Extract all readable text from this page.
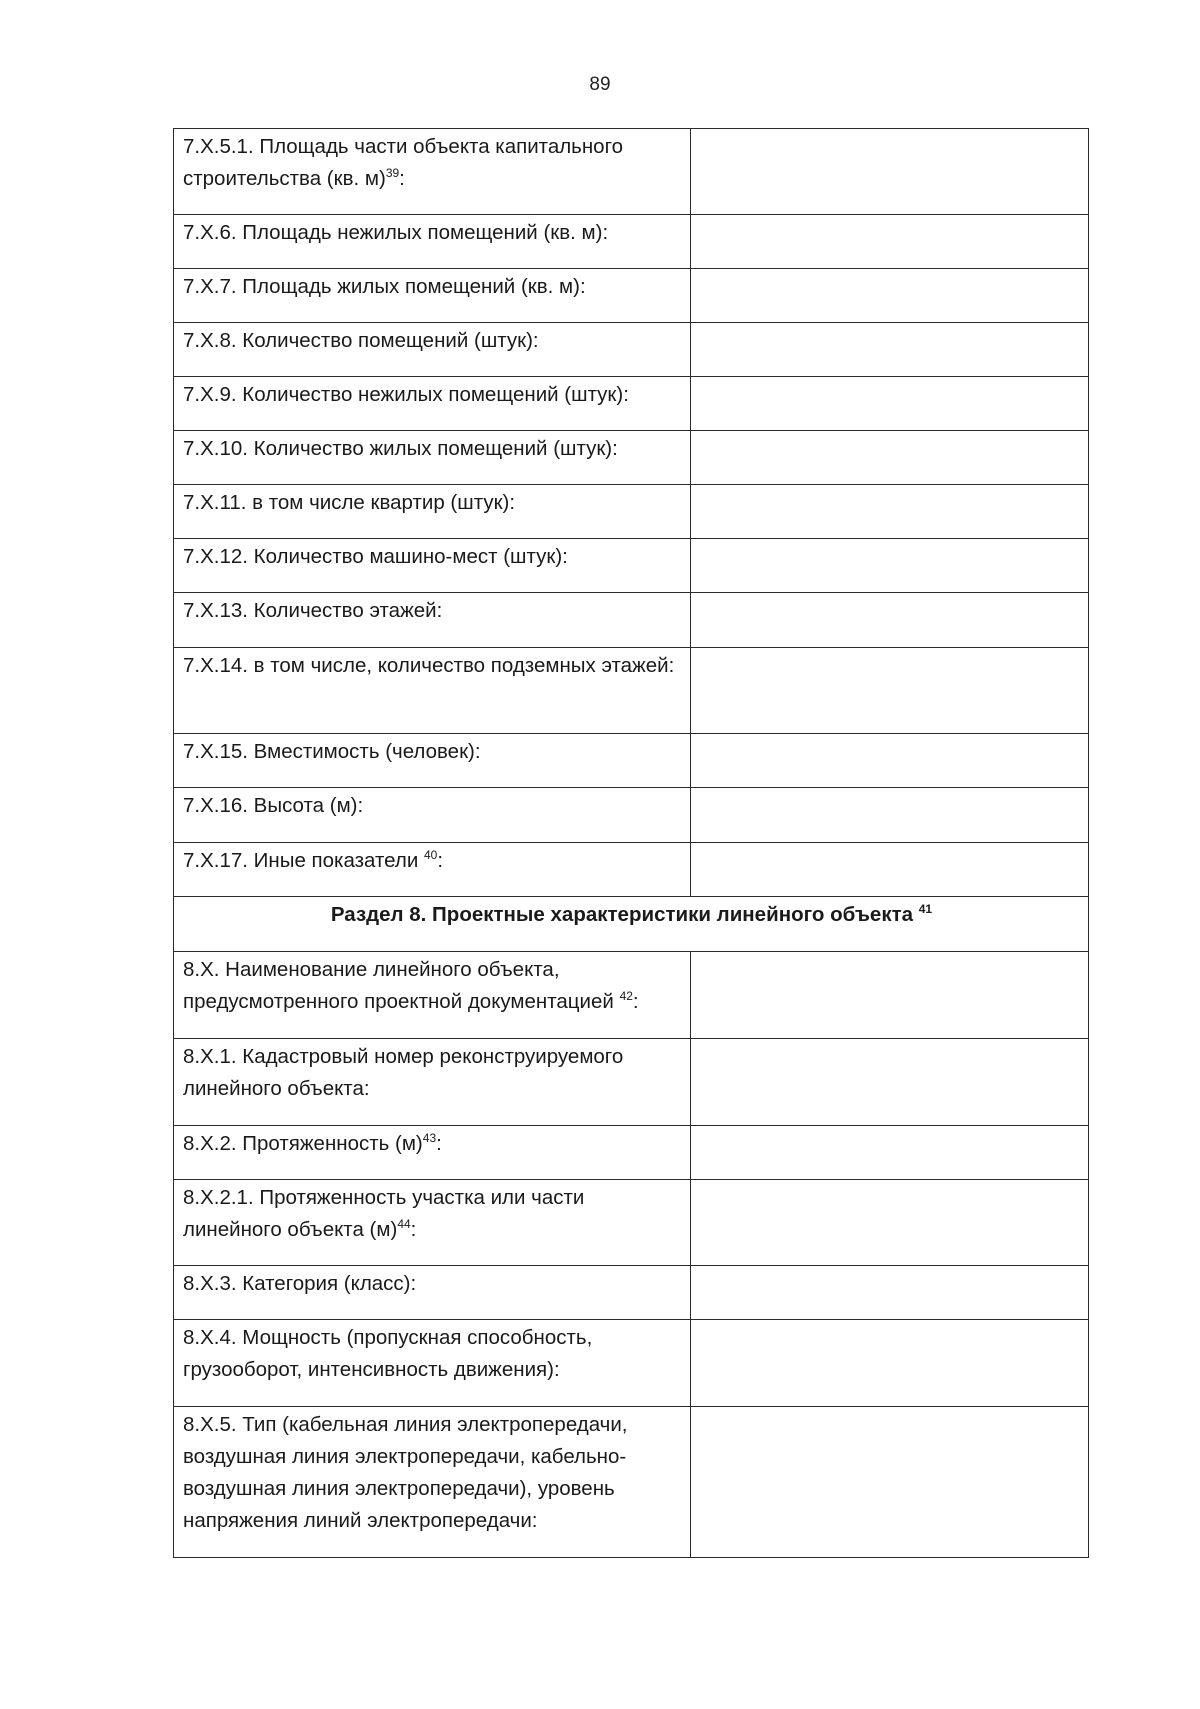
89
7.Х.5.1. Площадь части объекта капитального строительства (кв. м)$^{39}$:	
7.Х.6. Площадь нежилых помещений (кв. м):	
7.Х.7. Площадь жилых помещений (кв. м):	
7.Х.8. Количество помещений (штук):	
7.Х.9. Количество нежилых помещений (штук):	
7.Х.10. Количество жилых помещений (штук):	
7.Х.11. в том числе квартир (штук):	
7.Х.12. Количество машино-мест (штук):	
7.Х.13. Количество этажей:	
7.Х.14. в том числе, количество подземных этажей:	
7.Х.15. Вместимость (человек):	
7.Х.16. Высота (м):	
7.Х.17. Иные показатели $^{40}$:	
Раздел 8. Проектные характеристики линейного объекта $^{41}$
8.Х. Наименование линейного объекта, предусмотренного проектной документацией $^{42}$:	
8.Х.1. Кадастровый номер реконструируемого линейного объекта:	
8.Х.2. Протяженность $(м)^{43}$:	
8.Х.2.1. Протяженность участка или части линейного объекта $(м)^{44}$:	
8.Х.3. Категория (класс):	
8.Х.4. Мощность (пропускная способность, грузооборот, интенсивность движения):	
8.Х.5. Тип (кабельная линия электропередачи, воздушная линия электропередачи, кабельно-воздушная линия электропередачи), уровень напряжения линий электропередачи:	
